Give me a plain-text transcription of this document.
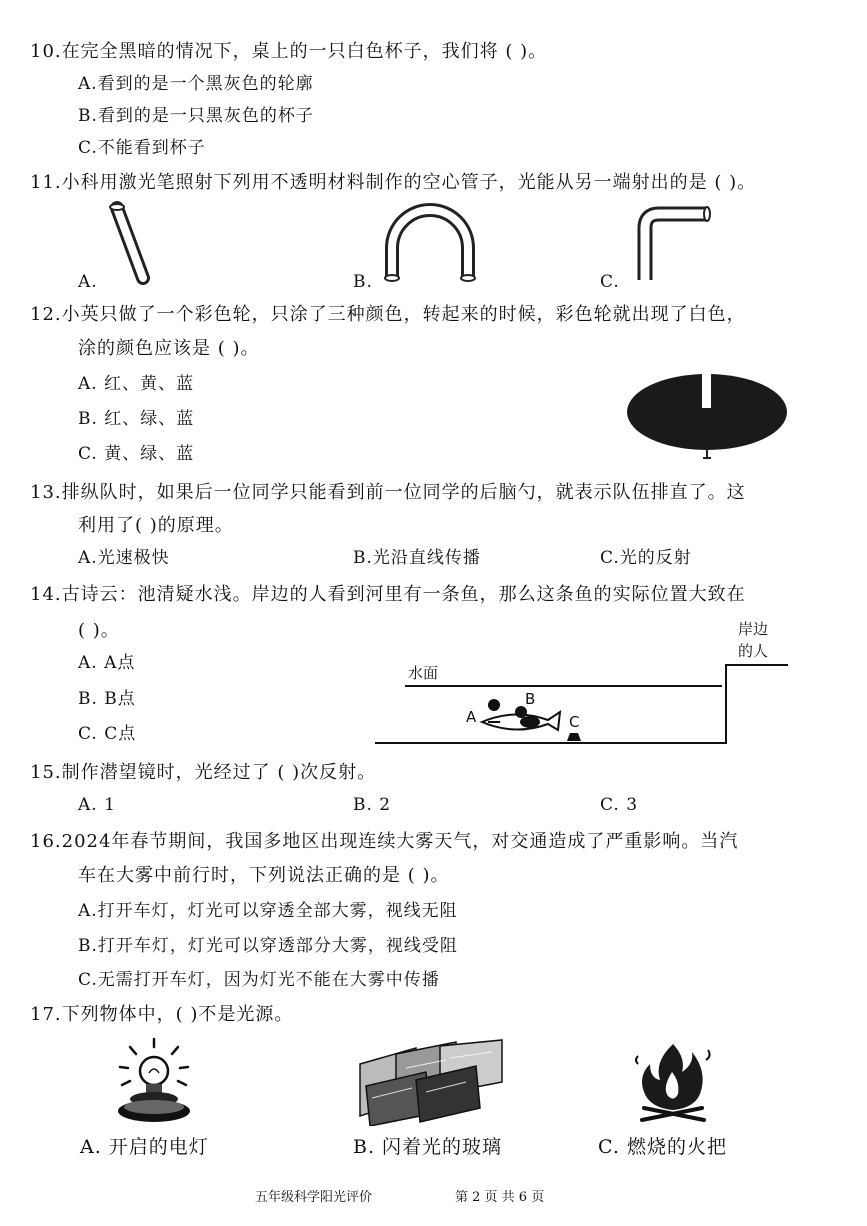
10.在完全黑暗的情况下，桌上的一只白色杯子，我们将 ( )。
A.看到的是一个黑灰色的轮廓
B.看到的是一只黑灰色的杯子
C.不能看到杯子
11.小科用激光笔照射下列用不透明材料制作的空心管子，光能从另一端射出的是 ( )。
A.	B.	C.
12.小英只做了一个彩色轮，只涂了三种颜色，转起来的时候，彩色轮就出现了白色，
涂的颜色应该是 ( )。
A. 红、黄、蓝
B. 红、绿、蓝
C. 黄、绿、蓝
13.排纵队时，如果后一位同学只能看到前一位同学的后脑勺，就表示队伍排直了。这
利用了( )的原理。
A.光速极快	B.光沿直线传播	C.光的反射
14.古诗云：池清疑水浅。岸边的人看到河里有一条鱼，那么这条鱼的实际位置大致在
( )。
A. A点
B. B点
C. C点
岸边
的人
水面
A
B
C
15.制作潜望镜时，光经过了 ( )次反射。
A. 1	B. 2	C. 3
16.2024年春节期间，我国多地区出现连续大雾天气，对交通造成了严重影响。当汽
车在大雾中前行时，下列说法正确的是 ( )。
A.打开车灯，灯光可以穿透全部大雾，视线无阻
B.打开车灯，灯光可以穿透部分大雾，视线受阻
C.无需打开车灯，因为灯光不能在大雾中传播
17.下列物体中，( )不是光源。
A. 开启的电灯	B. 闪着光的玻璃	C. 燃烧的火把
五年级科学阳光评价	第 2 页 共 6 页
